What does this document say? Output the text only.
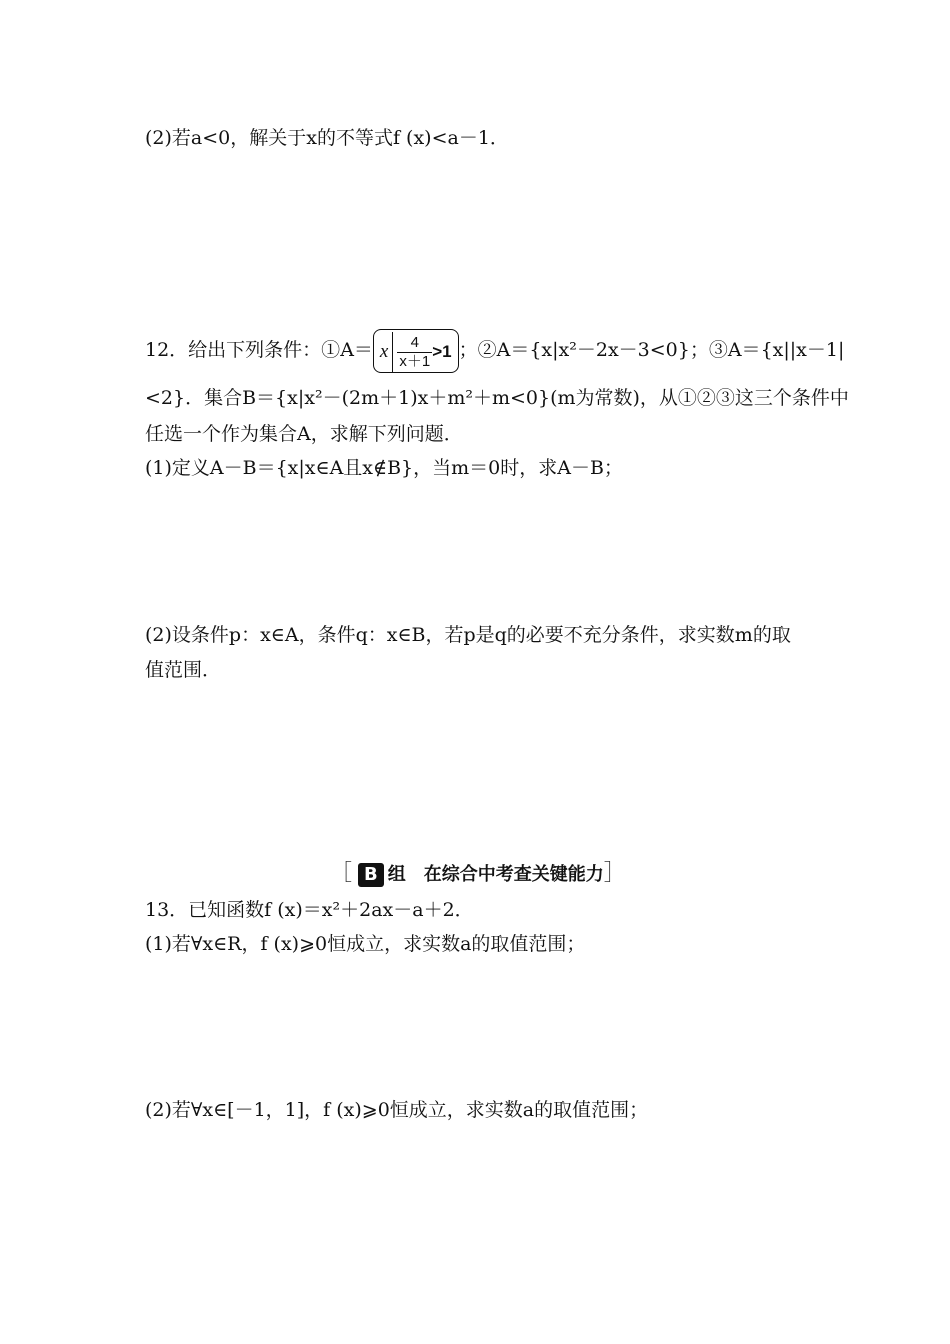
(2)若a<0，解关于x的不等式f (x)<a－1．
12．给出下列条件：①A＝ x $\frac{4}{x+1} >1$ ；②A＝{x|x²－2x－3<0}；③A＝{x||x－1|
<2}．集合B＝{x|x²－(2m＋1)x＋m²＋m<0}(m为常数)，从①②③这三个条件中
任选一个作为集合A，求解下列问题．
(1)定义A－B＝{x|x∈A且x∉B}，当m＝0时，求A－B；
(2)设条件p：x∈A，条件q：x∈B，若p是q的必要不充分条件，求实数m的取
值范围．
［ B 组　在综合中考查关键能力］
13．已知函数f (x)＝x²＋2ax－a＋2．
(1)若∀x∈R，f (x)⩾0恒成立，求实数a的取值范围；
(2)若∀x∈[－1，1]，f (x)⩾0恒成立，求实数a的取值范围；
